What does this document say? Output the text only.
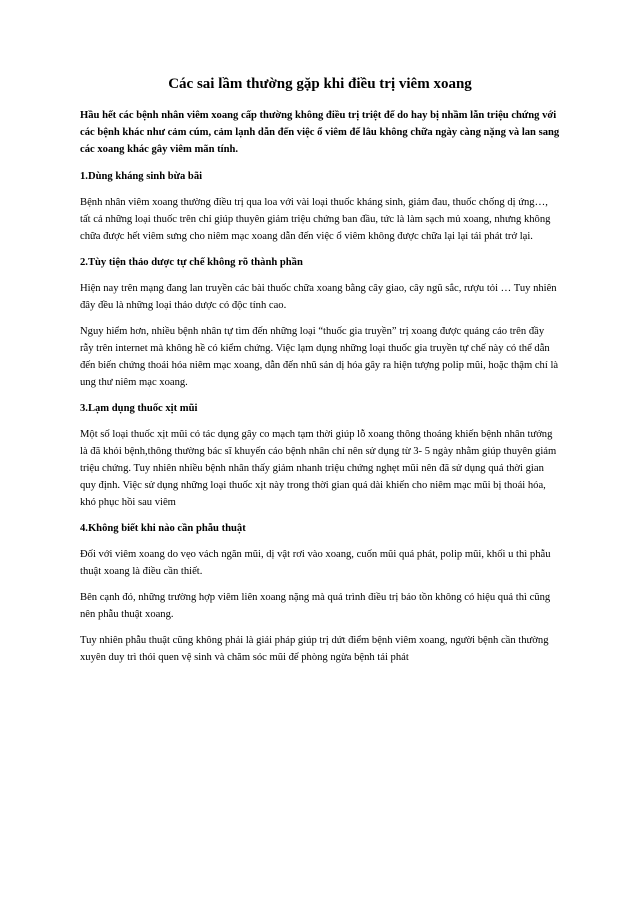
Các sai lầm thường gặp khi điều trị viêm xoang

Hầu hết các bệnh nhân viêm xoang cấp thường không điều trị triệt để do hay bị nhầm lẫn triệu chứng với các bệnh khác như cảm cúm, cảm lạnh dẫn đến việc ổ viêm để lâu không chữa ngày càng nặng và lan sang các xoang khác gây viêm mãn tính.

1.Dùng kháng sinh bừa bãi

Bệnh nhân viêm xoang thường điều trị qua loa với vài loại thuốc kháng sinh, giảm đau, thuốc chống dị ứng…, tất cả những loại thuốc trên chỉ giúp thuyên giảm triệu chứng ban đầu, tức là làm sạch mủ xoang, nhưng không chữa được hết viêm sưng cho niêm mạc xoang dẫn đến việc ổ viêm không được chữa lại lại tái phát trở lại.

2.Tùy tiện thảo dược tự chế không rõ thành phần

Hiện nay trên mạng đang lan truyền các bài thuốc chữa xoang bằng cây giao, cây ngũ sắc, rượu tỏi … Tuy nhiên đây đều là những loại thảo dược có độc tính cao.

Nguy hiểm hơn, nhiều bệnh nhân tự tìm đến những loại “thuốc gia truyền” trị xoang được quảng cáo trên đầy rẫy trên internet mà không hề có kiểm chứng. Việc lạm dụng những loại thuốc gia truyền tự chế này có thể dẫn đến biến chứng thoái hóa niêm mạc xoang, dẫn đến nhũ sản dị hóa gây ra hiện tượng polip mũi, hoặc thậm chí là ung thư niêm mạc xoang.

3.Lạm dụng thuốc xịt mũi

Một số loại thuốc xịt mũi có tác dụng gây co mạch tạm thời giúp lỗ xoang thông thoáng khiến bệnh nhân tưởng là đã khỏi bệnh,thông thường bác sĩ khuyến cáo bệnh nhân chỉ nên sử dụng từ 3- 5 ngày nhằm giúp thuyên giảm triệu chứng. Tuy nhiên nhiều bệnh nhân thấy giảm nhanh triệu chứng nghẹt mũi nên đã sử dụng quá thời gian quy định. Việc sử dụng những loại thuốc xịt này trong thời gian quá dài khiến cho niêm mạc mũi bị thoái hóa, khó phục hồi sau viêm

4.Không biết khi nào cần phẫu thuật

Đối với viêm xoang do vẹo vách ngăn mũi, dị vật rơi vào xoang, cuốn mũi quá phát, polip mũi, khối u thì phẫu thuật xoang là điều cần thiết.

Bên cạnh đó, những trường hợp viêm liên xoang nặng mà quá trình điều trị bảo tồn không có hiệu quả thì cũng nên phẫu thuật xoang.

Tuy nhiên phẫu thuật cũng không phải là giải pháp giúp trị dứt điểm bệnh viêm xoang, người bệnh cần thường xuyên duy trì thói quen vệ sinh và chăm sóc mũi để phòng ngừa bệnh tái phát
